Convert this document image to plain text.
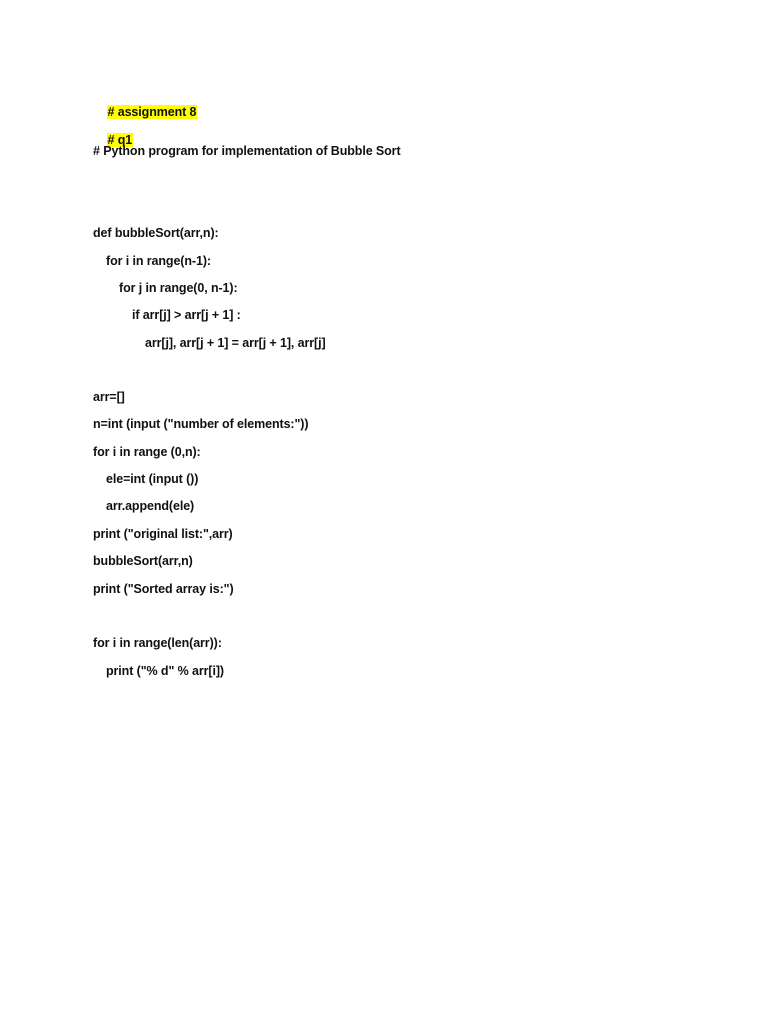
# assignment 8

# q1

# Python program for implementation of Bubble Sort
def bubbleSort(arr,n):
for i in range(n-1):
for j in range(0, n-1):
if arr[j] > arr[j + 1] :
arr[j], arr[j + 1] = arr[j + 1], arr[j]
arr=[]
n=int (input ("number of elements:"))
for i in range (0,n):
ele=int (input ())
arr.append(ele)
print ("original list:",arr)
bubbleSort(arr,n)
print ("Sorted array is:")
for i in range(len(arr)):
print ("% d" % arr[i])
